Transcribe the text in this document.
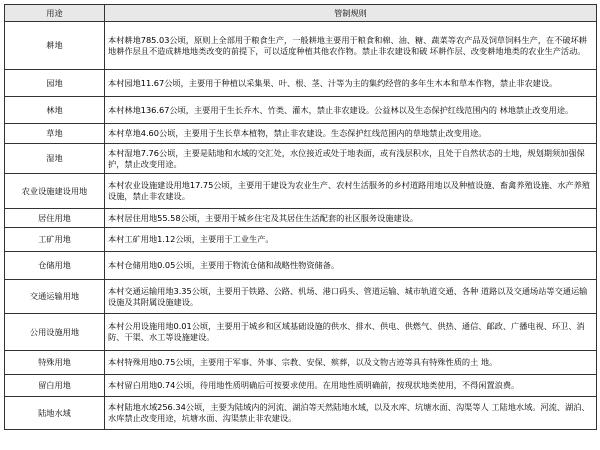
用途	管制规则
耕地	本村耕地785.03公顷，原则上全部用于粮食生产，一般耕地主要用于粮食和棉、油、糖、蔬菜等农产品及饲草饲料生产，在不破坏耕地耕作层且不造成耕地地类改变的前提下，可以适度种植其他农作物。禁止非农建设和破 坏耕作层、改变耕地地类的农业生产活动。
园地	本村园地11.67公顷，主要用于种植以采集果、叶、根、茎、汁等为主的集约经营的多年生木本和草本作物，禁止非农建设。
林地	本村林地136.67公顷，主要用于生长乔木、竹类、灌木，禁止非农建设。公益林以及生态保护红线范围内的 林地禁止改变用途。
草地	本村草地4.60公顷，主要用于生长草本植物，禁止非农建设。生态保护红线范围内的草地禁止改变用途。
湿地	本村湿地7.76公顷，主要是陆地和水域的交汇处，水位接近或处于地表面，或有浅层积水，且处于自然状态的土地，规划期须加强保护，禁止改变用途。
农业设施建设用地	本村农业设施建设用地17.75公顷，主要用于建设为农业生产、农村生活服务的乡村道路用地以及种植设施、畜禽养殖设施、水产养殖设施，禁止非农建设。
居住用地	本村居住用地55.58公顷，主要用于城乡住宅及其居住生活配套的社区服务设施建设。
工矿用地	本村工矿用地1.12公顷，主要用于工业生产。
仓储用地	本村仓储用地0.05公顷，主要用于物流仓储和战略性物资储备。
交通运输用地	本村交通运输用地3.35公顷，主要用于铁路、公路、机场、港口码头、管道运输、城市轨道交通、各种 道路以及交通场站等交通运输设施及其附属设施建设。
公用设施用地	本村公用设施用地0.01公顷，主要用于城乡和区域基础设施的供水、排水、供电、供燃气、供热、通信、邮政、广播电视、环卫、消防、干渠、水工等设施建设。
特殊用地	本村特殊用地0.75公顷，主要用于军事、外事、宗教、安保、殡葬，以及文物古迹等具有特殊性质的土 地。
留白用地	本村留白用地0.74公顷，待用地性质明确后可按要求使用。在用地性质明确前，按现状地类使用，不得闲置浪费。
陆地水域	本村陆地水域256.34公顷，主要为陆域内的河流、湖泊等天然陆地水域，以及水库、坑塘水面、沟渠等人 工陆地水域。河流、湖泊、水库禁止改变用途，坑塘水面、沟渠禁止非农建设。
